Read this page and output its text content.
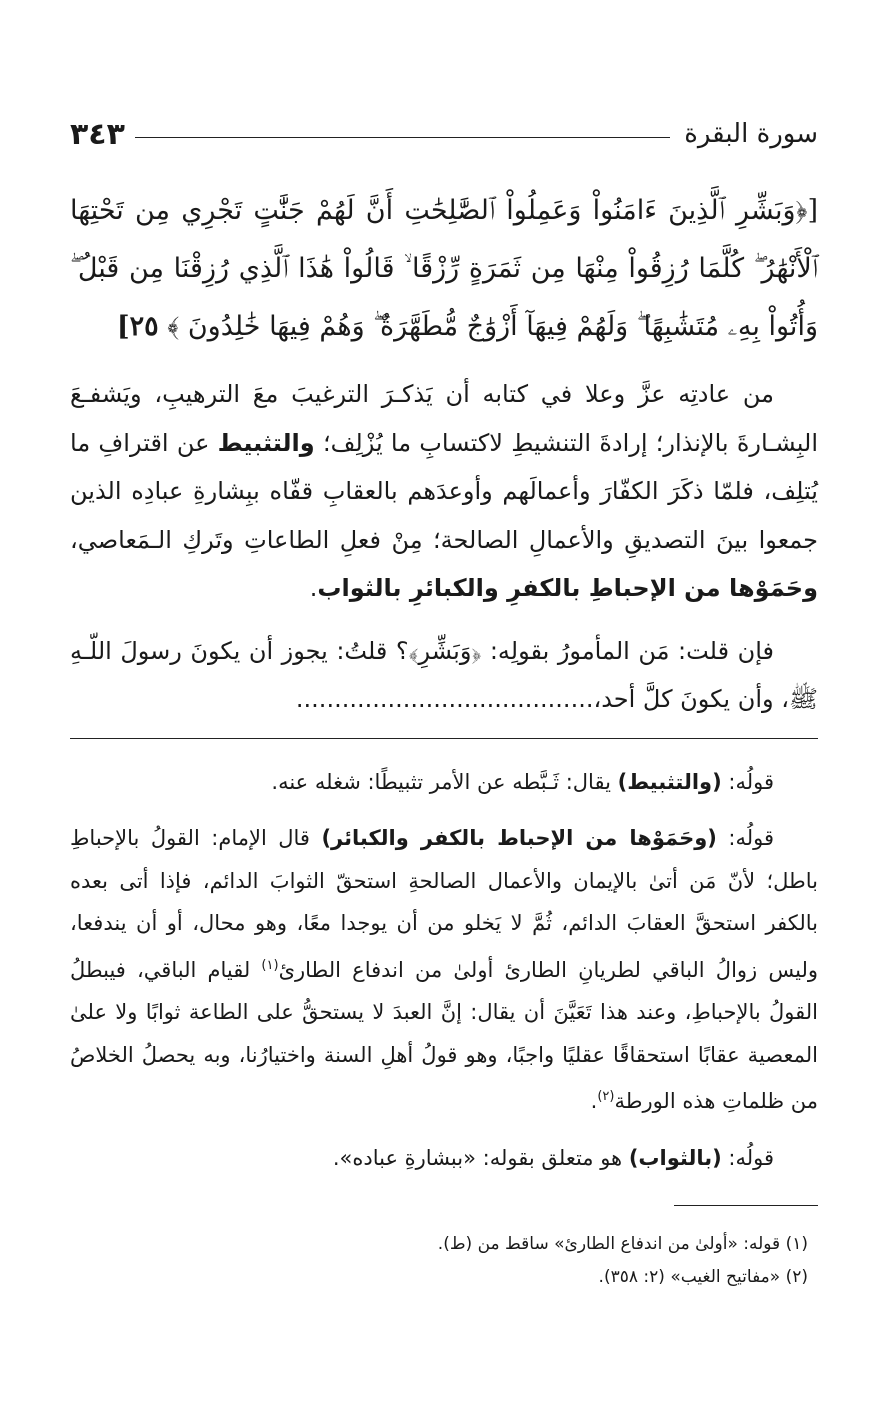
سورة البقرة
٣٤٣
[﴿وَبَشِّرِ ٱلَّذِينَ ءَامَنُواْ وَعَمِلُواْ ٱلصَّٰلِحَٰتِ أَنَّ لَهُمْ جَنَّٰتٍ تَجْرِي مِن تَحْتِهَا ٱلْأَنْهَٰرُ ۖ كُلَّمَا رُزِقُواْ مِنْهَا مِن ثَمَرَةٍ رِّزْقًا ۙ قَالُواْ هَٰذَا ٱلَّذِي رُزِقْنَا مِن قَبْلُ ۖ وَأُتُواْ بِهِۦ مُتَشَٰبِهًا ۖ وَلَهُمْ فِيهَآ أَزْوَٰجٌ مُّطَهَّرَةٌ ۖ وَهُمْ فِيهَا خَٰلِدُونَ ﴾ ٢٥]

من عادتِه عزَّ وعلا في كتابه أن يَذكـرَ الترغيبَ معَ الترهيبِ، ويَشفـعَ البِشـارةَ بالإنذار؛ إرادةَ التنشيطِ لاكتسابِ ما يُزْلِف؛ والتثبيط عن اقترافِ ما يُتلِف، فلمّا ذكَرَ الكفّارَ وأعمالَهم وأوعدَهم بالعقابِ قفّاه ببِشارةِ عبادِه الذين جمعوا بينَ التصديقِ والأعمالِ الصالحة؛ مِنْ فعلِ الطاعاتِ وتَركِ الـمَعاصي، وحَمَوْها من الإحباطِ بالكفرِ والكبائرِ بالثواب.

فإن قلت: مَن المأمورُ بقولِه: ﴿وَبَشِّرِ﴾؟ قلتُ: يجوز أن يكونَ رسولَ اللّـهِ ﷺ، وأن يكونَ كلَّ أحد،.......................................

قولُه: (والتثبيط) يقال: ثَـبَّطه عن الأمر تثبيطًا: شغله عنه.

قولُه: (وحَمَوْها من الإحباط بالكفر والكبائر) قال الإمام: القولُ بالإحباطِ باطل؛ لأنّ مَن أتىٰ بالإيمان والأعمال الصالحةِ استحقّ الثوابَ الدائم، فإذا أتى بعده بالكفر استحقَّ العقابَ الدائم، ثُمَّ لا يَخلو من أن يوجدا معًا، وهو محال، أو أن يندفعا، وليس زوالُ الباقي لطريانِ الطارئ أولىٰ من اندفاع الطارئ$^{(١)}$ لقيام الباقي، فيبطلُ القولُ بالإحباطِ، وعند هذا تَعَيَّنَ أن يقال: إنَّ العبدَ لا يستحقُّ على الطاعة ثوابًا ولا علىٰ المعصية عقابًا استحقاقًا عقليًا واجبًا، وهو قولُ أهلِ السنة واختيارُنا، وبه يحصلُ الخلاصُ من ظلماتِ هذه الورطة$^{(٢)}$.

قولُه: (بالثواب) هو متعلق بقوله: «ببشارةِ عباده».

(١) قوله: «أولىٰ من اندفاع الطارئ» ساقط من (ط).

(٢) «مفاتيح الغيب» (٢: ٣٥٨).
